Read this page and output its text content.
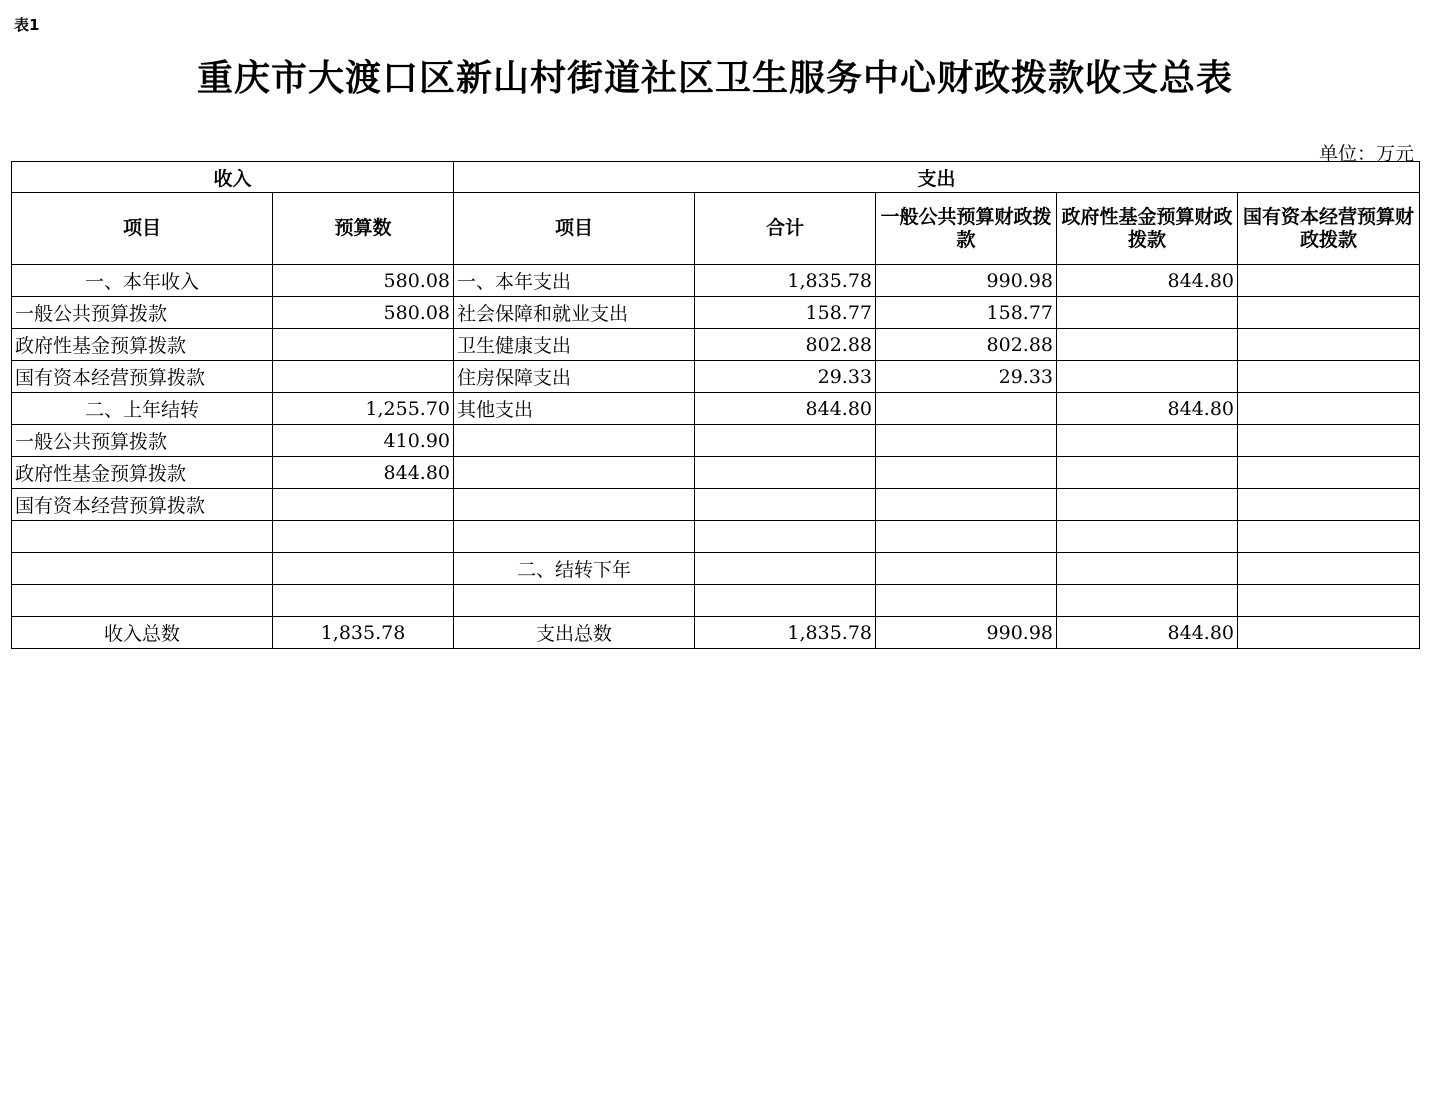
表1
重庆市大渡口区新山村街道社区卫生服务中心财政拨款收支总表
单位：万元
收入		支出				
项目	预算数	项目	合计	一般公共预算财政拨款	政府性基金预算财政拨款	国有资本经营预算财政拨款
一、本年收入	580.08	一、本年支出	1,835.78	990.98	844.80	
一般公共预算拨款	580.08	社会保障和就业支出	158.77	158.77		
政府性基金预算拨款		卫生健康支出	802.88	802.88		
国有资本经营预算拨款		住房保障支出	29.33	29.33		
二、上年结转	1,255.70	其他支出	844.80		844.80	
一般公共预算拨款	410.90					
政府性基金预算拨款	844.80					
国有资本经营预算拨款						

		二、结转下年				

收入总数	1,835.78	支出总数	1,835.78	990.98	844.80	
